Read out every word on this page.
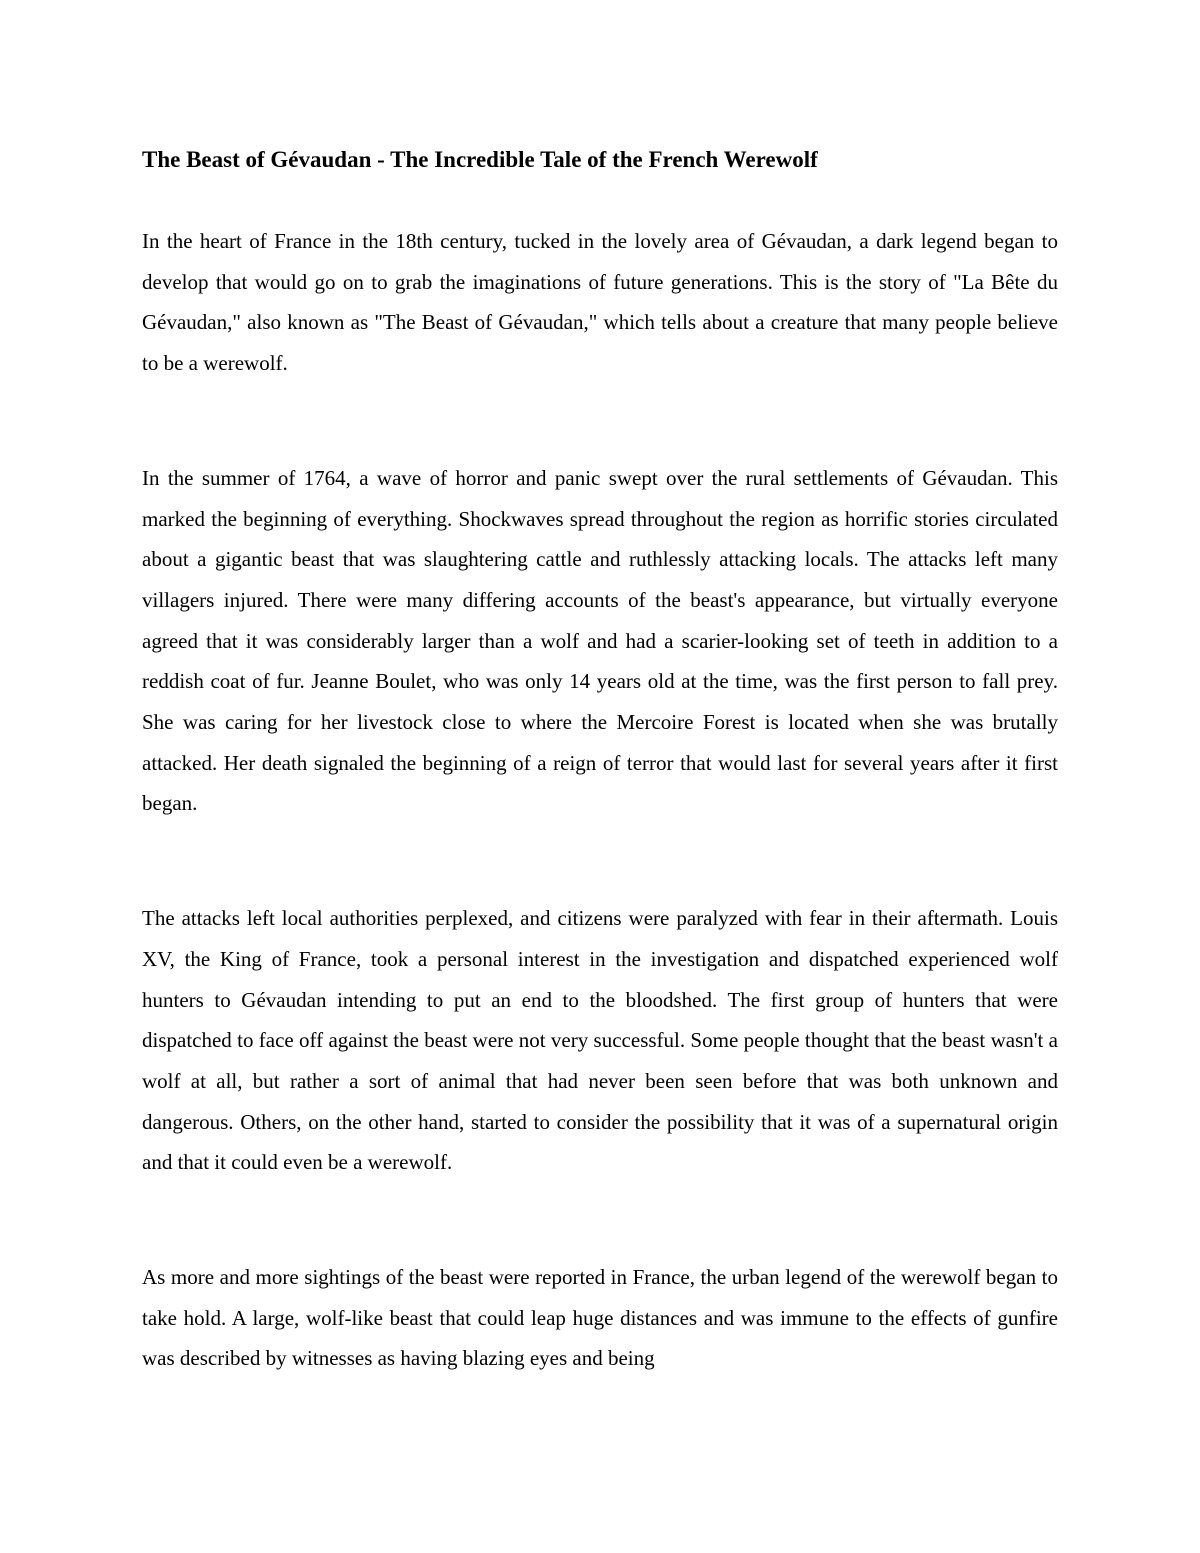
The Beast of Gévaudan - The Incredible Tale of the French Werewolf

In the heart of France in the 18th century, tucked in the lovely area of Gévaudan, a dark legend began to develop that would go on to grab the imaginations of future generations. This is the story of "La Bête du Gévaudan," also known as "The Beast of Gévaudan," which tells about a creature that many people believe to be a werewolf.

In the summer of 1764, a wave of horror and panic swept over the rural settlements of Gévaudan. This marked the beginning of everything. Shockwaves spread throughout the region as horrific stories circulated about a gigantic beast that was slaughtering cattle and ruthlessly attacking locals. The attacks left many villagers injured. There were many differing accounts of the beast's appearance, but virtually everyone agreed that it was considerably larger than a wolf and had a scarier-looking set of teeth in addition to a reddish coat of fur. Jeanne Boulet, who was only 14 years old at the time, was the first person to fall prey. She was caring for her livestock close to where the Mercoire Forest is located when she was brutally attacked. Her death signaled the beginning of a reign of terror that would last for several years after it first began.

The attacks left local authorities perplexed, and citizens were paralyzed with fear in their aftermath. Louis XV, the King of France, took a personal interest in the investigation and dispatched experienced wolf hunters to Gévaudan intending to put an end to the bloodshed. The first group of hunters that were dispatched to face off against the beast were not very successful. Some people thought that the beast wasn't a wolf at all, but rather a sort of animal that had never been seen before that was both unknown and dangerous. Others, on the other hand, started to consider the possibility that it was of a supernatural origin and that it could even be a werewolf.

As more and more sightings of the beast were reported in France, the urban legend of the werewolf began to take hold. A large, wolf-like beast that could leap huge distances and was immune to the effects of gunfire was described by witnesses as having blazing eyes and being
